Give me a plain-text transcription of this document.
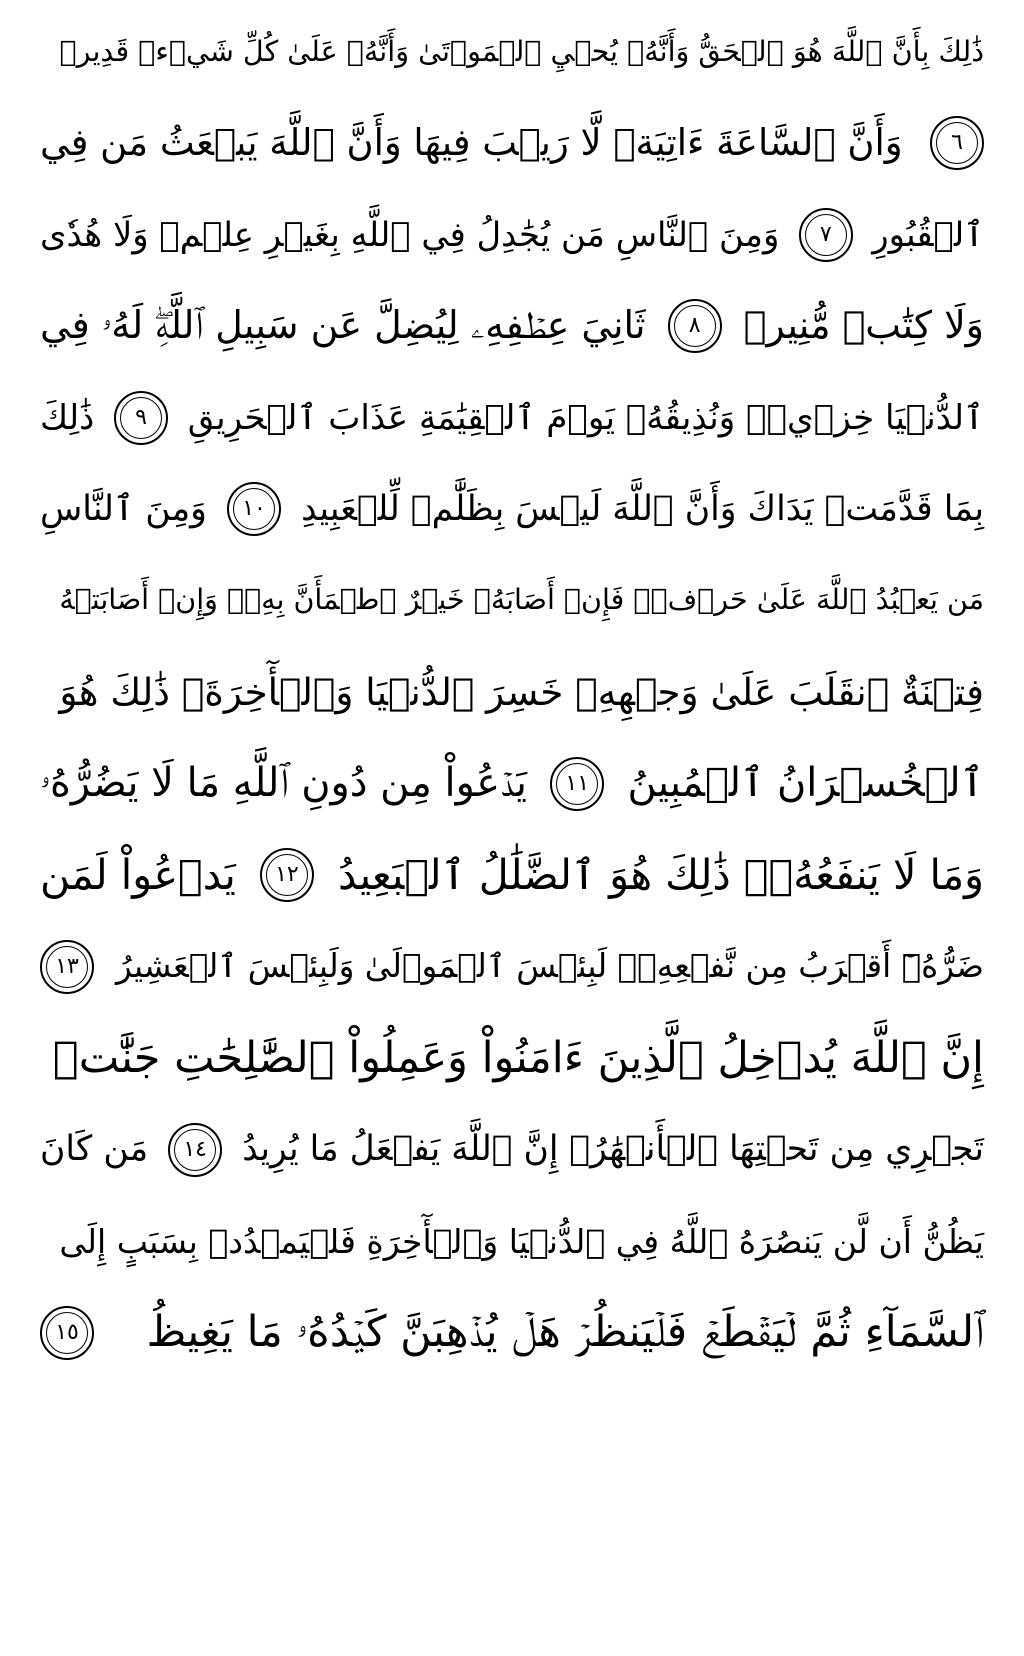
ذَٰلِكَ بِأَنَّ ٱللَّهَ هُوَ ٱلۡحَقُّ وَأَنَّهُۥ يُحۡيِ ٱلۡمَوۡتَىٰ وَأَنَّهُۥ عَلَىٰ كُلِّ شَيۡءٖ قَدِيرٞ
٦
وَأَنَّ ٱلسَّاعَةَ ءَاتِيَةٞ لَّا رَيۡبَ فِيهَا وَأَنَّ ٱللَّهَ يَبۡعَثُ مَن فِي
ٱلۡقُبُورِ
٧
وَمِنَ ٱلنَّاسِ مَن يُجَٰدِلُ فِي ٱللَّهِ بِغَيۡرِ عِلۡمٖ وَلَا هُدٗى
وَلَا كِتَٰبٖ مُّنِيرٖ
٨
ثَانِيَ عِطۡفِهِۦ لِيُضِلَّ عَن سَبِيلِ ٱللَّهِۖ لَهُۥ فِي
ٱلدُّنۡيَا خِزۡيٞۖ وَنُذِيقُهُۥ يَوۡمَ ٱلۡقِيَٰمَةِ عَذَابَ ٱلۡحَرِيقِ
٩
ذَٰلِكَ
بِمَا قَدَّمَتۡ يَدَاكَ وَأَنَّ ٱللَّهَ لَيۡسَ بِظَلَّٰمٖ لِّلۡعَبِيدِ
١٠
وَمِنَ ٱلنَّاسِ
مَن يَعۡبُدُ ٱللَّهَ عَلَىٰ حَرۡفٖۖ فَإِنۡ أَصَابَهُۥ خَيۡرٌ ٱطۡمَأَنَّ بِهِۦۖ وَإِنۡ أَصَابَتۡهُ
فِتۡنَةٌ ٱنقَلَبَ عَلَىٰ وَجۡهِهِۦ خَسِرَ ٱلدُّنۡيَا وَٱلۡأٓخِرَةَۚ ذَٰلِكَ هُوَ
ٱلۡخُسۡرَانُ ٱلۡمُبِينُ
١١
يَدۡعُواْ مِن دُونِ ٱللَّهِ مَا لَا يَضُرُّهُۥ
وَمَا لَا يَنفَعُهُۥۚ ذَٰلِكَ هُوَ ٱلضَّلَٰلُ ٱلۡبَعِيدُ
١٢
يَدۡعُواْ لَمَن
ضَرُّهُۥٓ أَقۡرَبُ مِن نَّفۡعِهِۦۚ لَبِئۡسَ ٱلۡمَوۡلَىٰ وَلَبِئۡسَ ٱلۡعَشِيرُ
١٣
إِنَّ ٱللَّهَ يُدۡخِلُ ٱلَّذِينَ ءَامَنُواْ وَعَمِلُواْ ٱلصَّٰلِحَٰتِ جَنَّٰتٖ
تَجۡرِي مِن تَحۡتِهَا ٱلۡأَنۡهَٰرُۚ إِنَّ ٱللَّهَ يَفۡعَلُ مَا يُرِيدُ
١٤
مَن كَانَ
يَظُنُّ أَن لَّن يَنصُرَهُ ٱللَّهُ فِي ٱلدُّنۡيَا وَٱلۡأٓخِرَةِ فَلۡيَمۡدُدۡ بِسَبَبٍ إِلَى
ٱلسَّمَآءِ ثُمَّ لۡيَقۡطَعۡ فَلۡيَنظُرۡ هَلۡ يُذۡهِبَنَّ كَيۡدُهُۥ مَا يَغِيظُ
١٥
